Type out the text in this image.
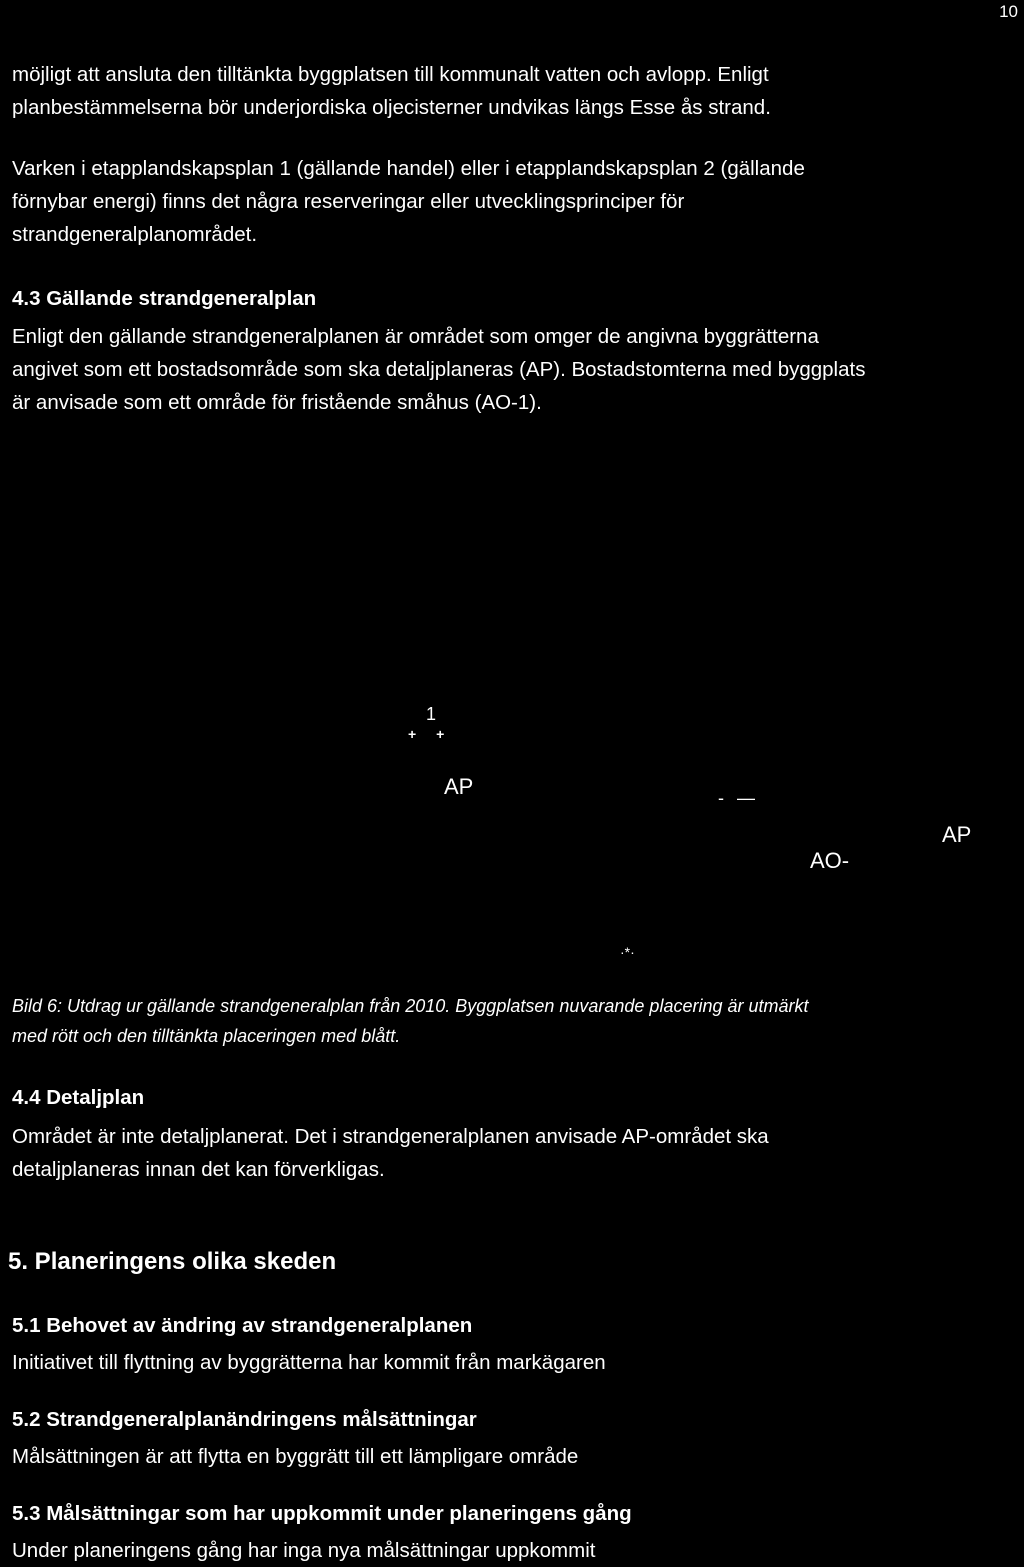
10
möjligt att ansluta den tilltänkta byggplatsen till kommunalt vatten och avlopp. Enligt
planbestämmelserna bör underjordiska oljecisterner undvikas längs Esse ås strand.
Varken i etapplandskapsplan 1 (gällande handel) eller i etapplandskapsplan 2 (gällande
förnybar energi) finns det några reserveringar eller utvecklingsprinciper för
strandgeneralplanområdet.
4.3 Gällande strandgeneralplan
Enligt den gällande strandgeneralplanen är området som omger de angivna byggrätterna
angivet som ett bostadsområde som ska detaljplaneras (AP). Bostadstomterna med byggplats
är anvisade som ett område för fristående småhus (AO-1).
1
+ +
AP	- —
AP
AO-
·*·
Bild 6: Utdrag ur gällande strandgeneralplan från 2010. Byggplatsen nuvarande placering är utmärkt
med rött och den tilltänkta placeringen med blått.
4.4 Detaljplan
Området är inte detaljplanerat. Det i strandgeneralplanen anvisade AP-området ska
detaljplaneras innan det kan förverkligas.
5. Planeringens olika skeden
5.1 Behovet av ändring av strandgeneralplanen
Initiativet till flyttning av byggrätterna har kommit från markägaren
5.2 Strandgeneralplanändringens målsättningar
Målsättningen är att flytta en byggrätt till ett lämpligare område
5.3 Målsättningar som har uppkommit under planeringens gång
Under planeringens gång har inga nya målsättningar uppkommit
